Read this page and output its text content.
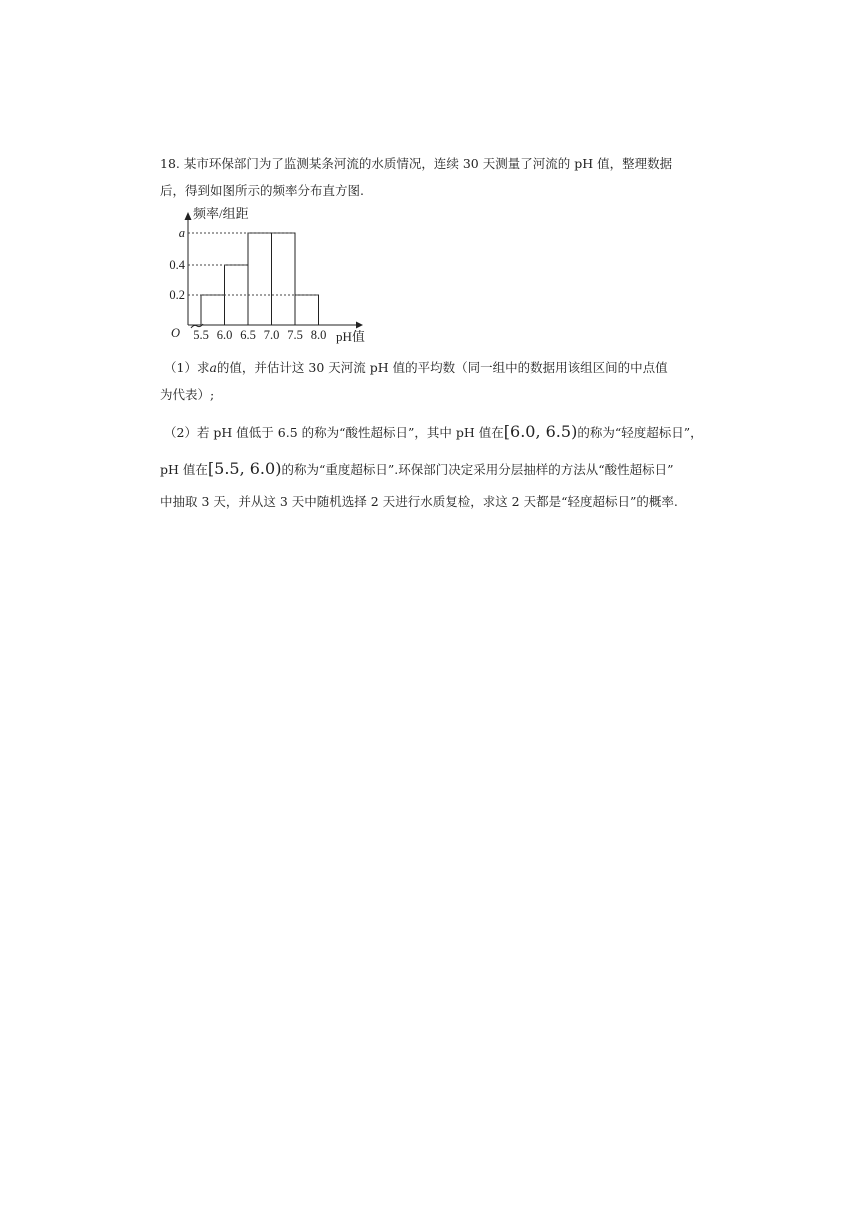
18. 某市环保部门为了监测某条河流的水质情况，连续 30 天测量了河流的 pH 值，整理数据
后，得到如图所示的频率分布直方图.
（1）求a的值，并估计这 30 天河流 pH 值的平均数（同一组中的数据用该组区间的中点值
为代表）;
（2）若 pH 值低于 6.5 的称为“酸性超标日”，其中 pH 值在[6.0, 6.5)的称为“轻度超标日”，
pH 值在[5.5, 6.0)的称为“重度超标日”.环保部门决定采用分层抽样的方法从“酸性超标日”
中抽取 3 天，并从这 3 天中随机选择 2 天进行水质复检，求这 2 天都是“轻度超标日”的概率.
频率/组距
pH值
O
0.2
0.4
a
5.5 6.0 6.5 7.0 7.5 8.0
